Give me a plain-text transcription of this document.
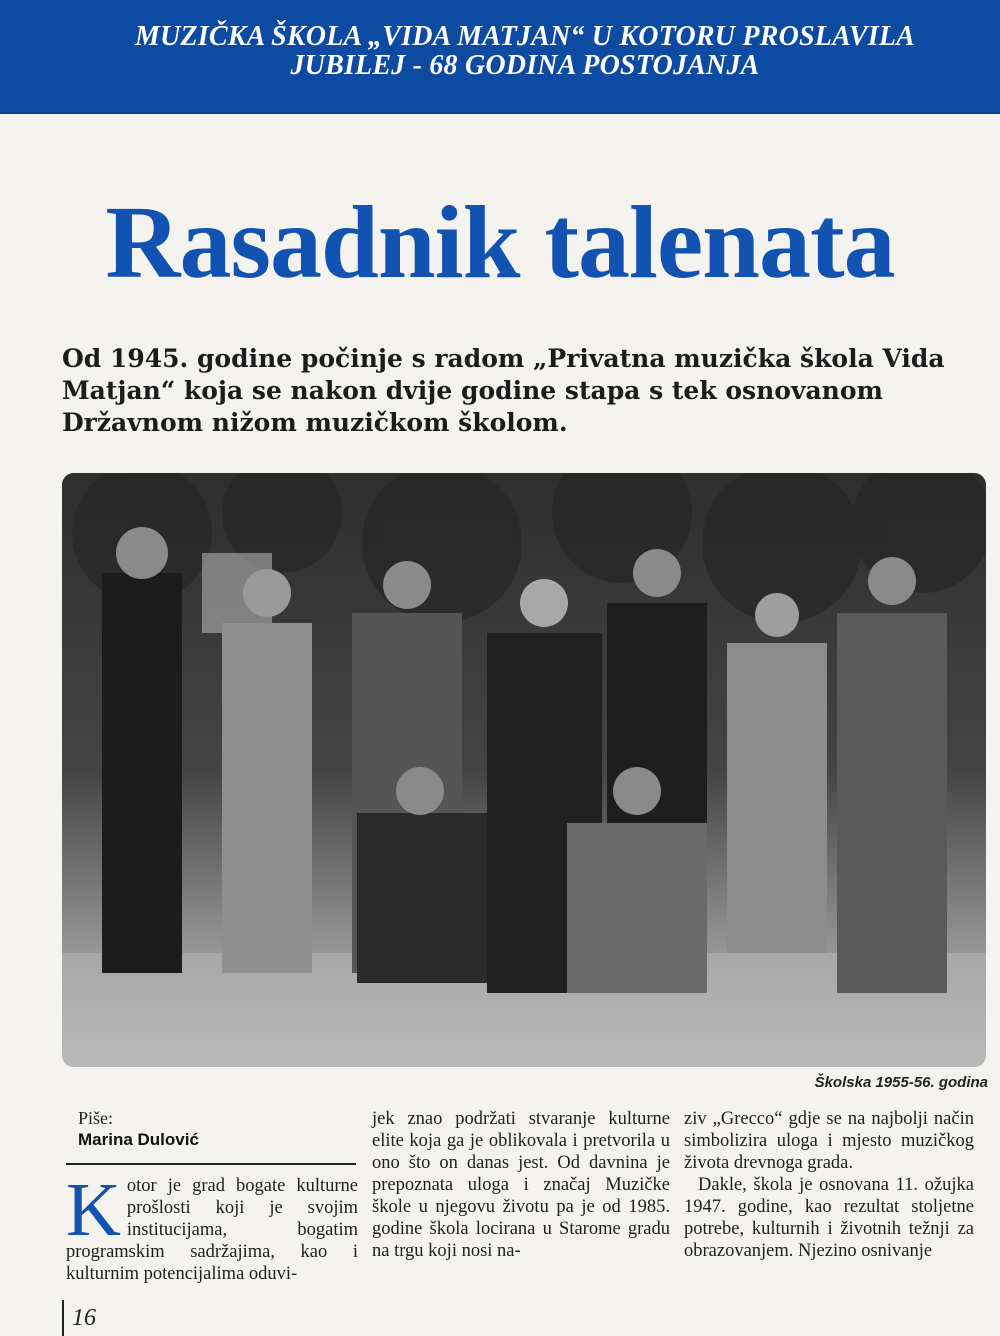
MUZIČKA ŠKOLA „VIDA MATJAN“ U KOTORU PROSLAVILA
JUBILEJ - 68 GODINA POSTOJANJA
Rasadnik talenata

Od 1945. godine počinje s radom „Privatna muzička škola Vida Matjan“ koja se nakon dvije godine stapa s tek osnovanom Državnom nižom muzičkom školom.

Školska 1955-56. godina

Piše:

Marina Dulović

Kotor je grad bogate kulturne prošlosti koji je svojim institucijama, bogatim programskim sadržajima, kao i kulturnim potencijalima oduvi-

jek znao podržati stvaranje kulturne elite koja ga je oblikovala i pretvorila u ono što on danas jest. Od davnina je prepoznata uloga i značaj Muzičke škole u njegovu životu pa je od 1985. godine škola locirana u Starome gradu na trgu koji nosi na-

ziv „Grecco“ gdje se na najbolji način simbolizira uloga i mjesto muzičkog života drevnoga grada.

Dakle, škola je osnovana 11. ožujka 1947. godine, kao rezultat stoljetne potrebe, kulturnih i životnih težnji za obrazovanjem. Njezino osnivanje

16
